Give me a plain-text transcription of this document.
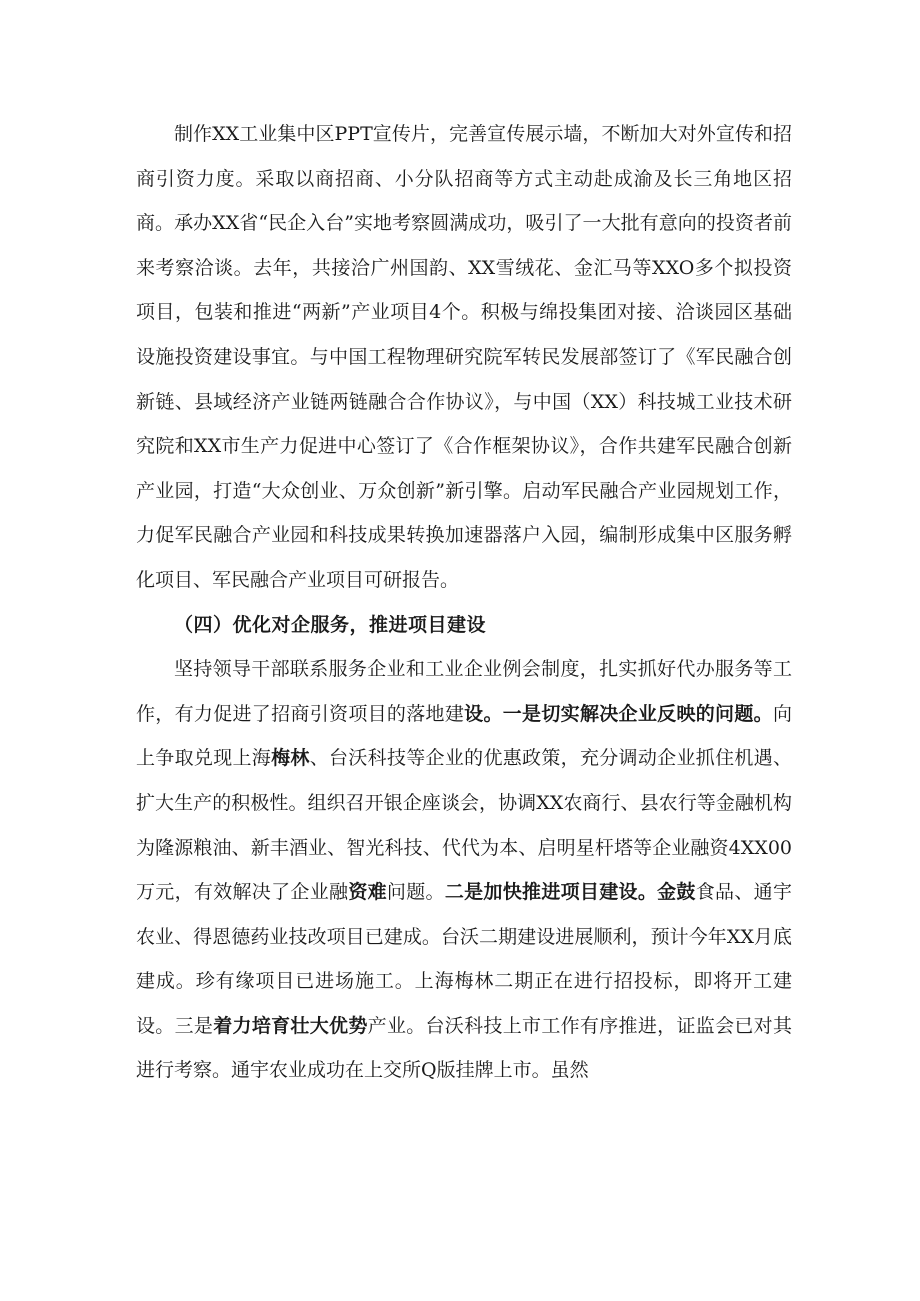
制作XX工业集中区PPT宣传片，完善宣传展示墙，不断加大对外宣传和招商引资力度。采取以商招商、小分队招商等方式主动赴成渝及长三角地区招商。承办XX省“民企入台”实地考察圆满成功，吸引了一大批有意向的投资者前来考察洽谈。去年，共接洽广州国韵、XX雪绒花、金汇马等XXO多个拟投资项目，包装和推进“两新”产业项目4个。积极与绵投集团对接、洽谈园区基础设施投资建设事宜。与中国工程物理研究院军转民发展部签订了《军民融合创新链、县域经济产业链两链融合合作协议》，与中国（XX）科技城工业技术研究院和XX市生产力促进中心签订了《合作框架协议》，合作共建军民融合创新产业园，打造“大众创业、万众创新”新引擎。启动军民融合产业园规划工作，力促军民融合产业园和科技成果转换加速器落户入园，编制形成集中区服务孵化项目、军民融合产业项目可研报告。

（四）优化对企服务，推进项目建设

坚持领导干部联系服务企业和工业企业例会制度，扎实抓好代办服务等工作，有力促进了招商引资项目的落地建设。一是切实解决企业反映的问题。向上争取兑现上海梅林、台沃科技等企业的优惠政策，充分调动企业抓住机遇、扩大生产的积极性。组织召开银企座谈会，协调XX农商行、县农行等金融机构为隆源粮油、新丰酒业、智光科技、代代为本、启明星杆塔等企业融资4XX00万元，有效解决了企业融资难问题。二是加快推进项目建设。金鼓食品、通宇农业、得恩德药业技改项目已建成。台沃二期建设进展顺利，预计今年XX月底建成。珍有缘项目已进场施工。上海梅林二期正在进行招投标，即将开工建设。三是着力培育壮大优势产业。台沃科技上市工作有序推进，证监会已对其进行考察。通宇农业成功在上交所Q版挂牌上市。虽然
